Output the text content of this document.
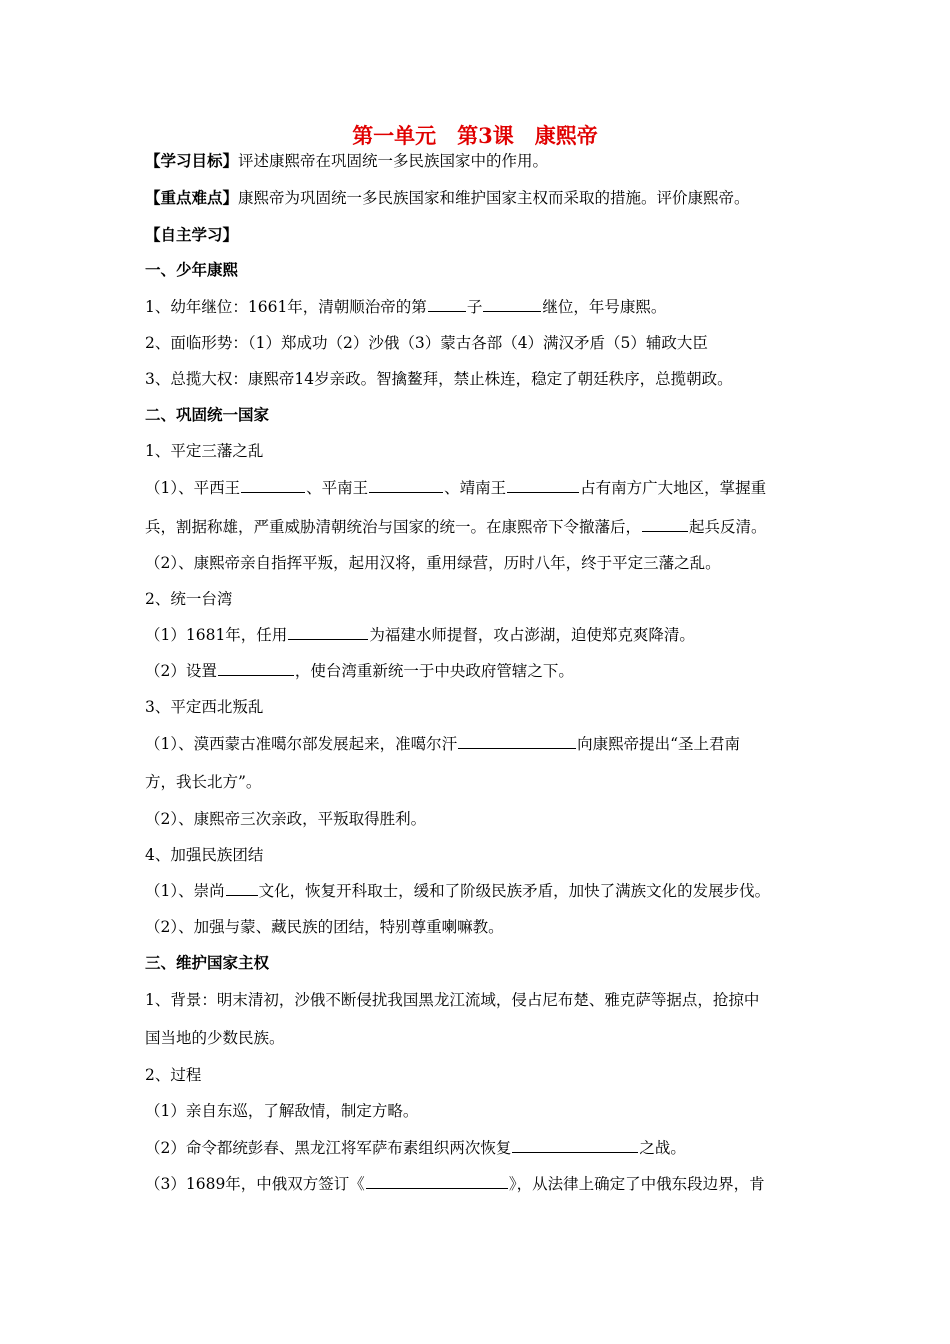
第一单元　第3课　康熙帝
【学习目标】评述康熙帝在巩固统一多民族国家中的作用。
【重点难点】康熙帝为巩固统一多民族国家和维护国家主权而采取的措施。评价康熙帝。
【自主学习】
一、少年康熙
1、幼年继位：1661年，清朝顺治帝的第	子	继位，年号康熙。
2、面临形势：（1）郑成功（2）沙俄（3）蒙古各部（4）满汉矛盾（5）辅政大臣
3、总揽大权：康熙帝14岁亲政。智擒鳌拜，禁止株连，稳定了朝廷秩序，总揽朝政。
二、巩固统一国家
1、平定三藩之乱
（1）、平西王	、平南王	、靖南王	占有南方广大地区，掌握重
兵，割据称雄，严重威胁清朝统治与国家的统一。在康熙帝下令撤藩后，	起兵反清。
（2）、康熙帝亲自指挥平叛，起用汉将，重用绿营，历时八年，终于平定三藩之乱。
2、统一台湾
（1）1681年，任用	为福建水师提督，攻占澎湖，迫使郑克爽降清。
（2）设置	，使台湾重新统一于中央政府管辖之下。
3、平定西北叛乱
（1）、漠西蒙古准噶尔部发展起来，准噶尔汗	向康熙帝提出“圣上君南
方，我长北方”。
（2）、康熙帝三次亲政，平叛取得胜利。
4、加强民族团结
（1）、崇尚 文化，恢复开科取士，缓和了阶级民族矛盾，加快了满族文化的发展步伐。
（2）、加强与蒙、藏民族的团结，特别尊重喇嘛教。
三、维护国家主权
1、背景：明末清初，沙俄不断侵扰我国黑龙江流域，侵占尼布楚、雅克萨等据点，抢掠中
国当地的少数民族。
2、过程
（1）亲自东巡，了解敌情，制定方略。
（2）命令都统彭春、黑龙江将军萨布素组织两次恢复	之战。
（3）1689年，中俄双方签订《	》，从法律上确定了中俄东段边界，肯
